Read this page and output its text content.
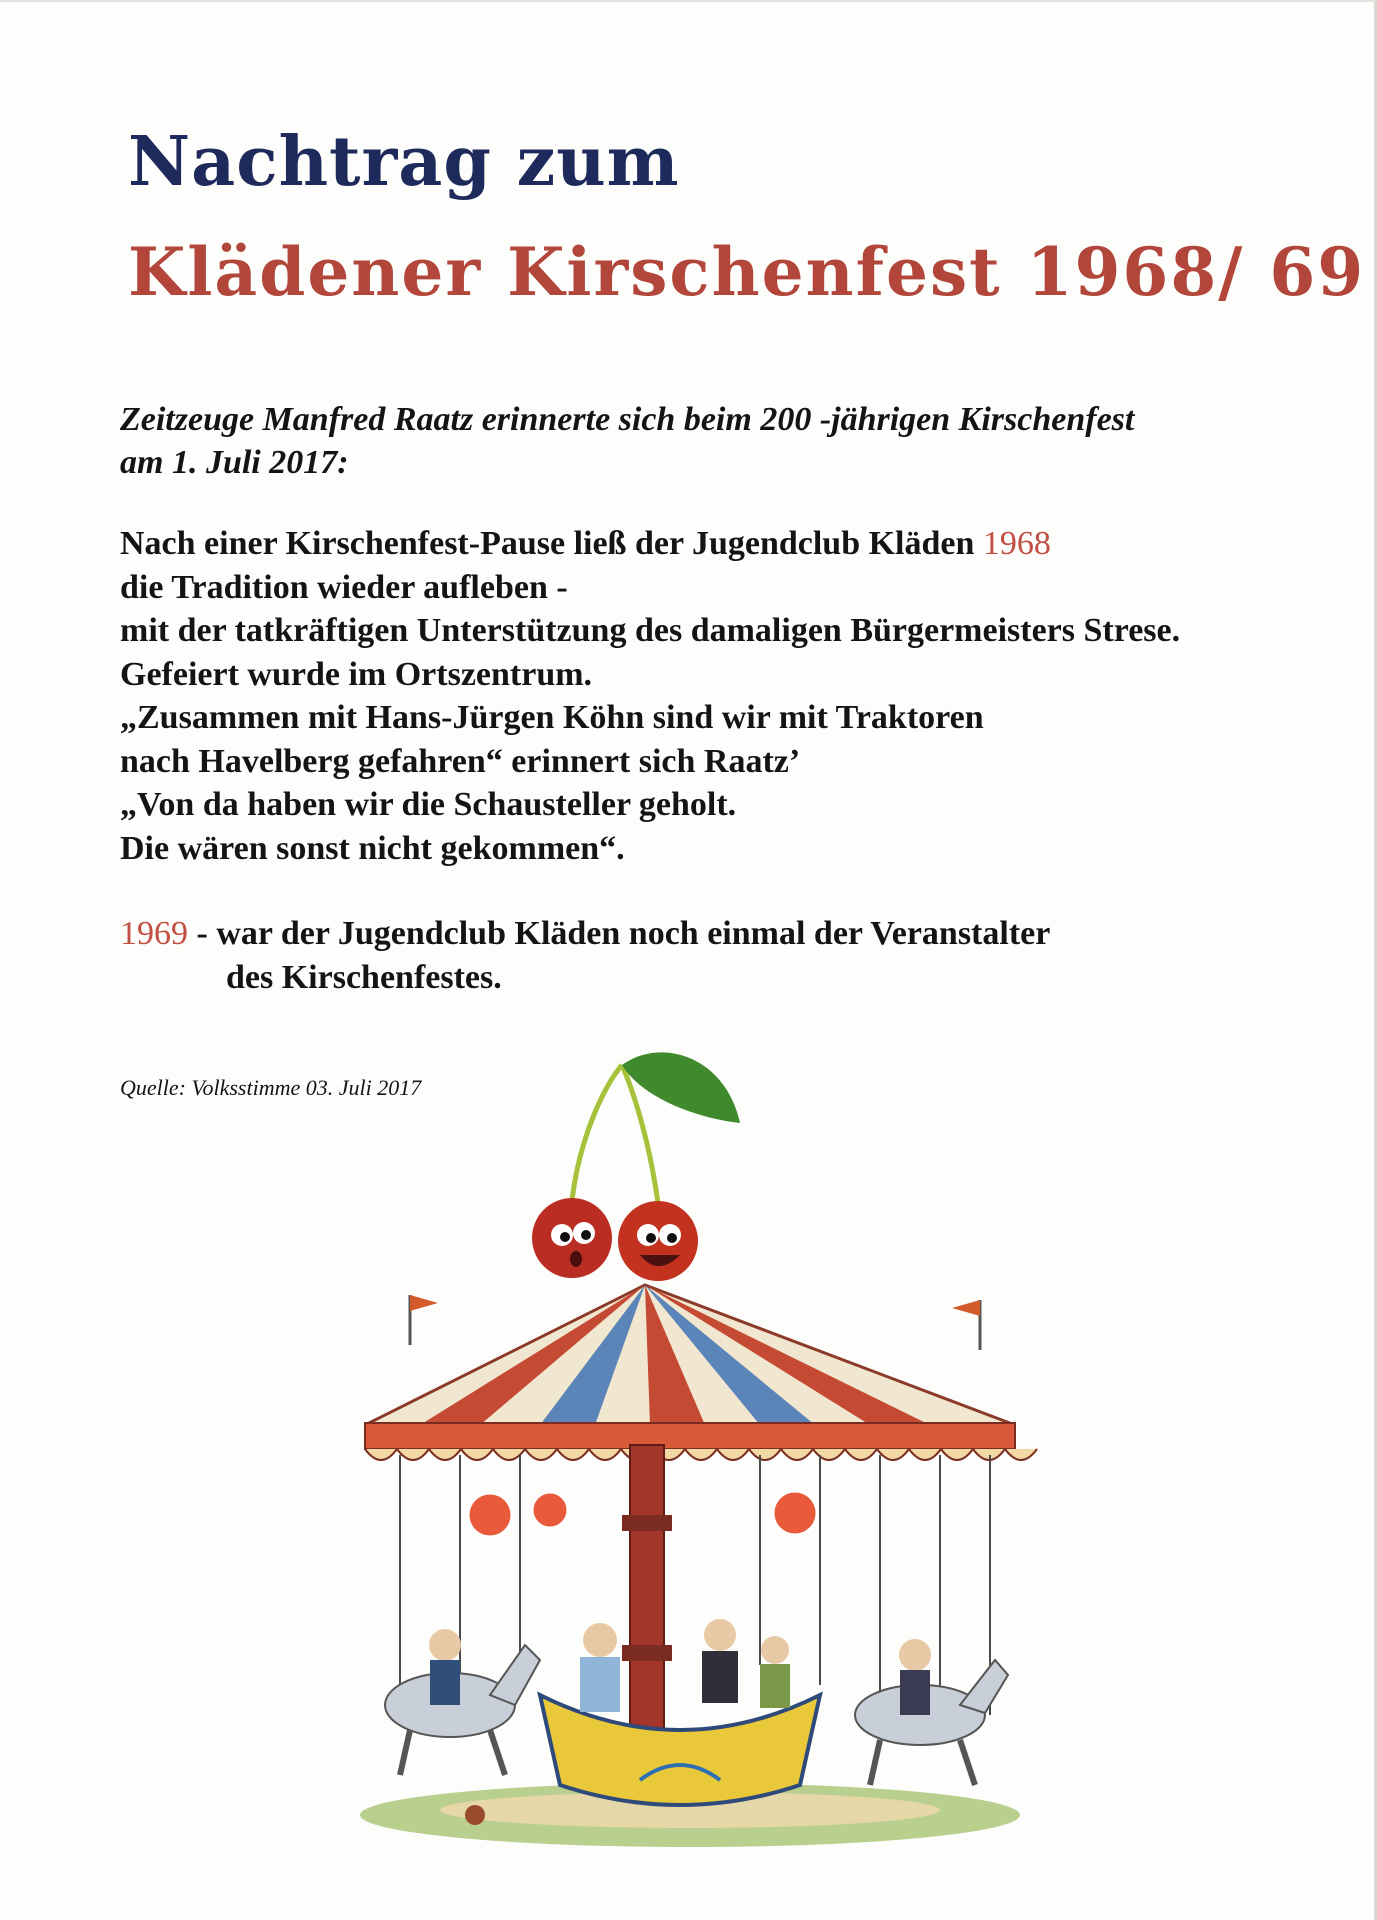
Nachtrag zum
Klädener Kirschenfest 1968/ 69

Zeitzeuge Manfred Raatz erinnerte sich beim 200 -jährigen Kirschenfest
am 1. Juli 2017:

Nach einer Kirschenfest-Pause ließ der Jugendclub Kläden 1968
die Tradition wieder aufleben -
mit der tatkräftigen Unterstützung des damaligen Bürgermeisters Strese.
Gefeiert wurde im Ortszentrum.
„Zusammen mit Hans-Jürgen Köhn sind wir mit Traktoren
nach Havelberg gefahren“ erinnert sich Raatz’
„Von da haben wir die Schausteller geholt.
Die wären sonst nicht gekommen“.

1969 - war der Jugendclub Kläden noch einmal der Veranstalter
des Kirschenfestes.

Quelle: Volksstimme 03. Juli 2017
